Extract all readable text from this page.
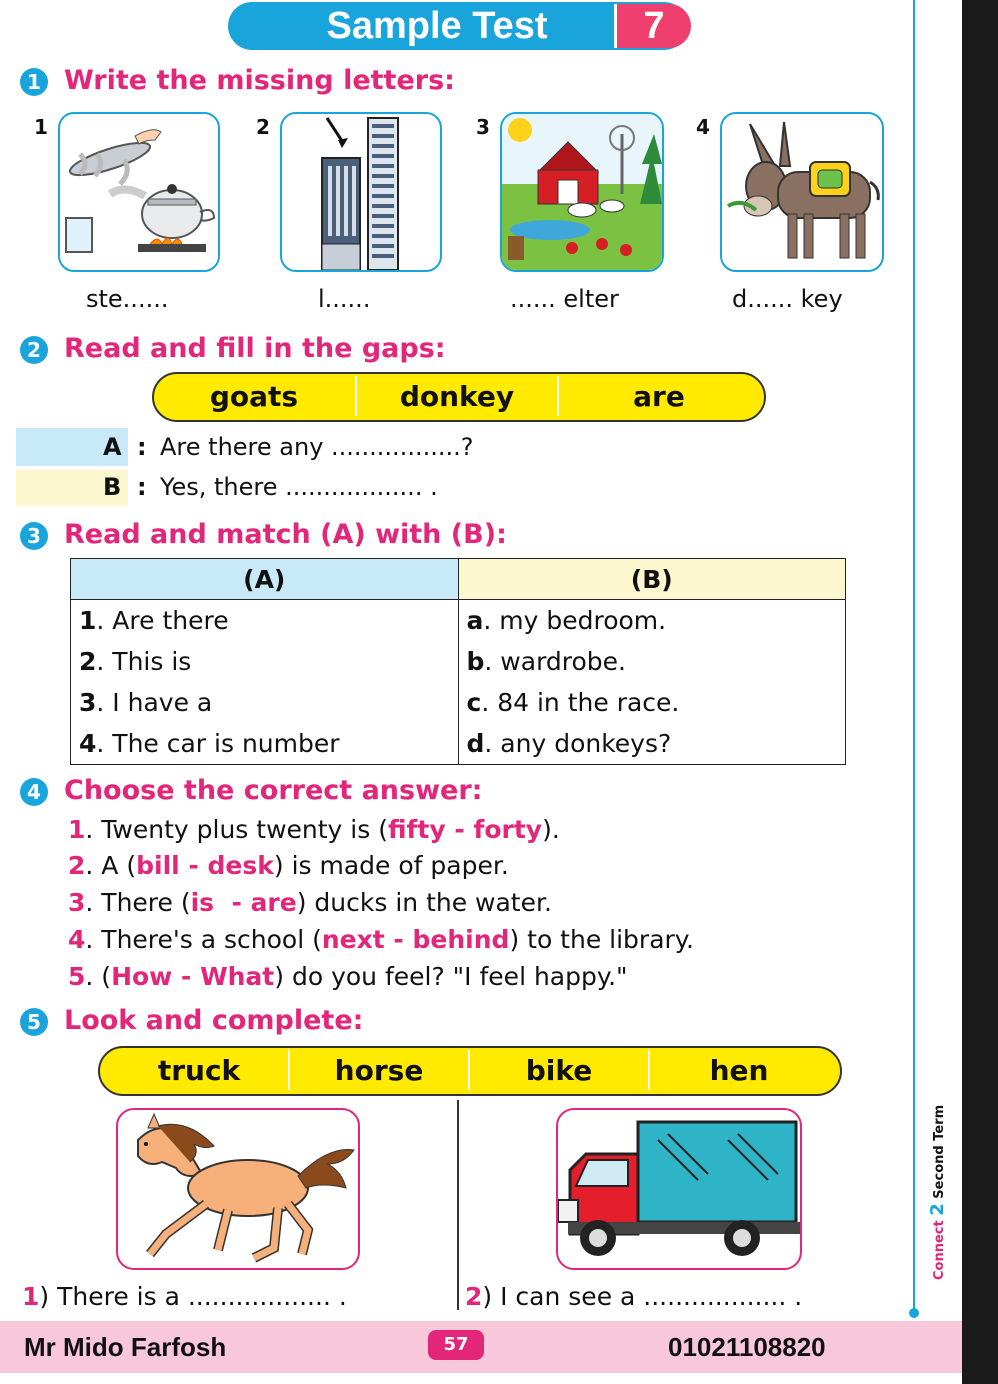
Connect 2 Second Term
Sample Test	7
1 Write the missing letters:
1
ste......
2
l......
3
...... elter
4
d...... key
2 Read and fill in the gaps:
goats	donkey	are
A : Are there any .................?
B : Yes, there .................. .
3 Read and match (A) with (B):
(A)	(B)
1. Are there	a. my bedroom.
2. This is	b. wardrobe.
3. I have a	c. 84 in the race.
4. The car is number	d. any donkeys?
4 Choose the correct answer:
1. Twenty plus twenty is (fifty - forty).
2. A (bill - desk) is made of paper.
3. There (is  - are) ducks in the water.
4. There's a school (next - behind) to the library.
5. (How - What) do you feel? "I feel happy."
5 Look and complete:
truck	horse	bike	hen
1) There is a .................. .	2) I can see a .................. .
Mr Mido Farfosh	57	01021108820
